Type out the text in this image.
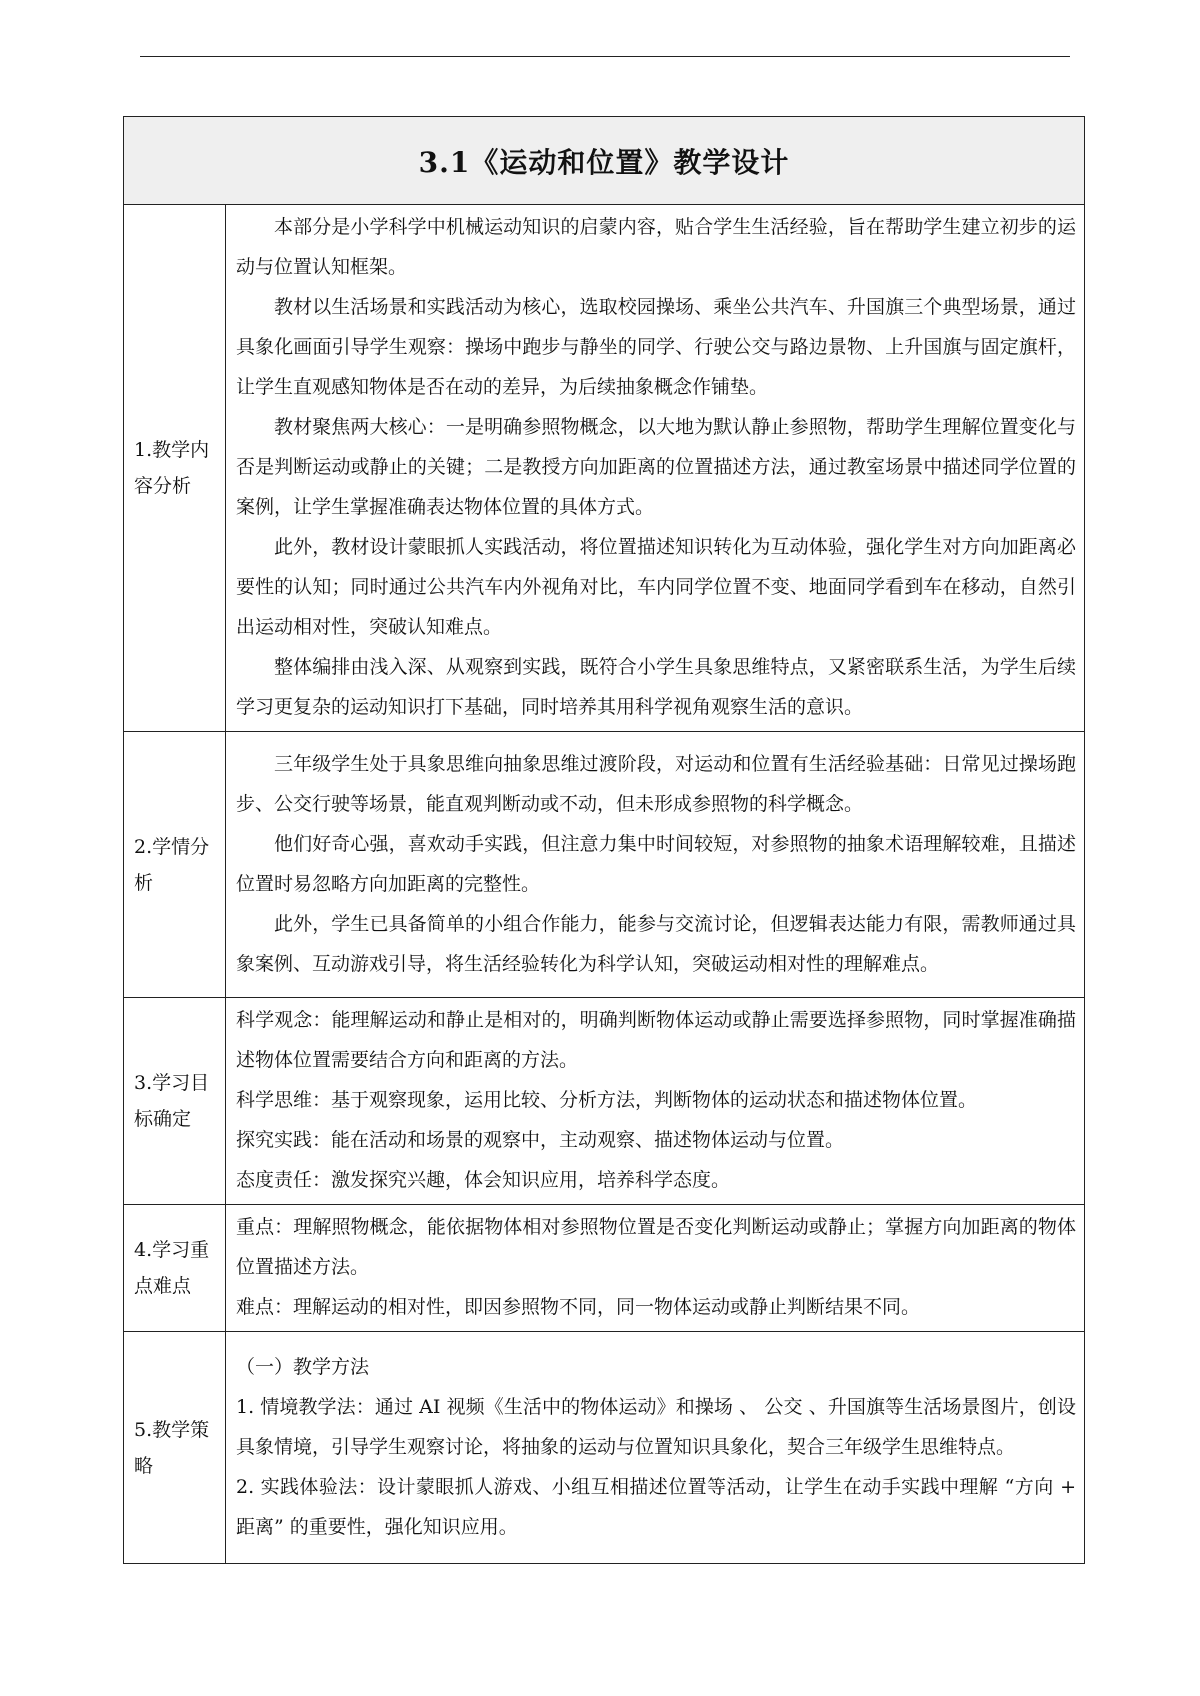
3.1《运动和位置》教学设计	
1.教学内容分析	本部分是小学科学中机械运动知识的启蒙内容，贴合学生生活经验，旨在帮助学生建立初步的运动与位置认知框架。

教材以生活场景和实践活动为核心，选取校园操场、乘坐公共汽车、升国旗三个典型场景，通过具象化画面引导学生观察：操场中跑步与静坐的同学、行驶公交与路边景物、上升国旗与固定旗杆，让学生直观感知物体是否在动的差异，为后续抽象概念作铺垫。

教材聚焦两大核心：一是明确参照物概念，以大地为默认静止参照物，帮助学生理解位置变化与否是判断运动或静止的关键；二是教授方向加距离的位置描述方法，通过教室场景中描述同学位置的案例，让学生掌握准确表达物体位置的具体方式。

此外，教材设计蒙眼抓人实践活动，将位置描述知识转化为互动体验，强化学生对方向加距离必要性的认知；同时通过公共汽车内外视角对比，车内同学位置不变、地面同学看到车在移动，自然引出运动相对性，突破认知难点。

整体编排由浅入深、从观察到实践，既符合小学生具象思维特点，又紧密联系生活，为学生后续学习更复杂的运动知识打下基础，同时培养其用科学视角观察生活的意识。

2.学情分析	三年级学生处于具象思维向抽象思维过渡阶段，对运动和位置有生活经验基础：日常见过操场跑步、公交行驶等场景，能直观判断动或不动，但未形成参照物的科学概念。

他们好奇心强，喜欢动手实践，但注意力集中时间较短，对参照物的抽象术语理解较难，且描述位置时易忽略方向加距离的完整性。

此外，学生已具备简单的小组合作能力，能参与交流讨论，但逻辑表达能力有限，需教师通过具象案例、互动游戏引导，将生活经验转化为科学认知，突破运动相对性的理解难点。

3.学习目标确定	科学观念：能理解运动和静止是相对的，明确判断物体运动或静止需要选择参照物，同时掌握准确描述物体位置需要结合方向和距离的方法。

科学思维：基于观察现象，运用比较、分析方法，判断物体的运动状态和描述物体位置。

探究实践：能在活动和场景的观察中，主动观察、描述物体运动与位置。

态度责任：激发探究兴趣，体会知识应用，培养科学态度。

4.学习重点难点	重点：理解照物概念，能依据物体相对参照物位置是否变化判断运动或静止；掌握方向加距离的物体位置描述方法。

难点：理解运动的相对性，即因参照物不同，同一物体运动或静止判断结果不同。

5.教学策略	（一）教学方法

1. 情境教学法：通过 AI 视频《生活中的物体运动》和操场 、 公交 、升国旗等生活场景图片，创设具象情境，引导学生观察讨论，将抽象的运动与位置知识具象化，契合三年级学生思维特点。

2. 实践体验法：设计蒙眼抓人游戏、小组互相描述位置等活动，让学生在动手实践中理解 “方向 + 距离” 的重要性，强化知识应用。
